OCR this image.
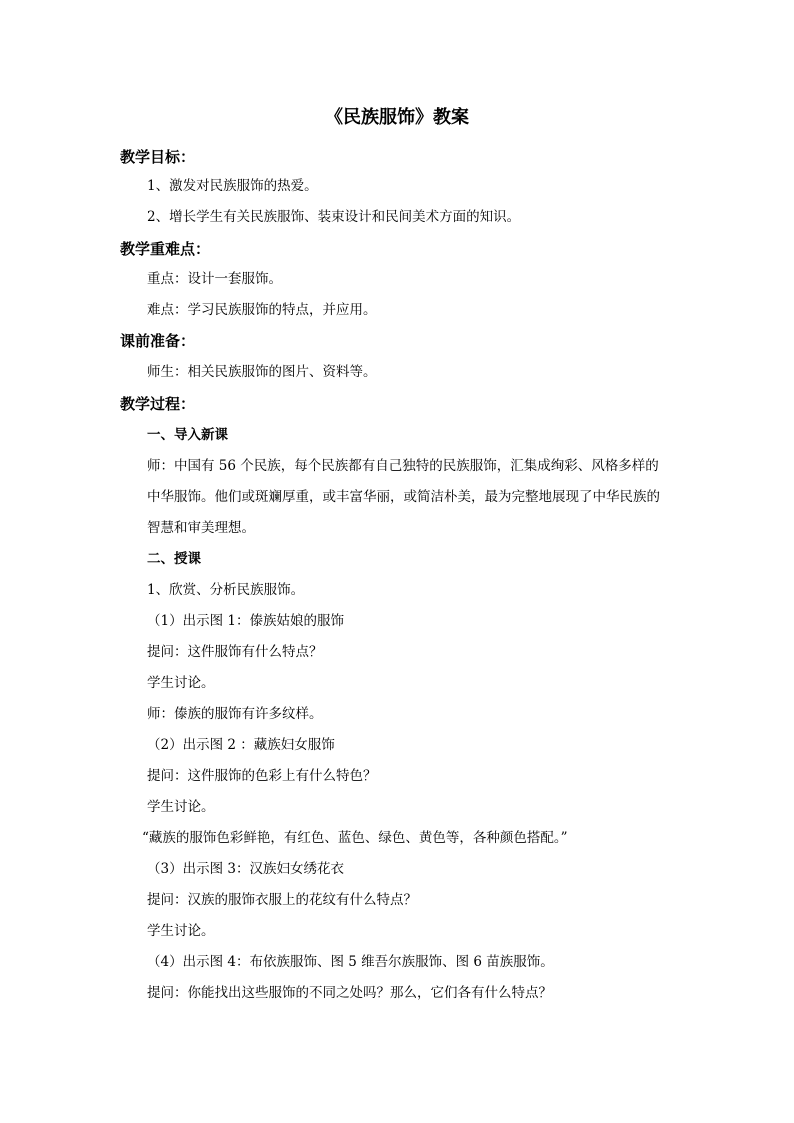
《民族服饰》教案
教学目标：
1、激发对民族服饰的热爱。
2、增长学生有关民族服饰、装束设计和民间美术方面的知识。
教学重难点：
重点：设计一套服饰。
难点：学习民族服饰的特点，并应用。
课前准备：
师生：相关民族服饰的图片、资料等。
教学过程：
一、导入新课
师：中国有 56 个民族，每个民族都有自己独特的民族服饰，汇集成绚彩、风格多样的
中华服饰。他们或斑斓厚重，或丰富华丽，或简洁朴美，最为完整地展现了中华民族的
智慧和审美理想。
二、授课
1、欣赏、分析民族服饰。
（1）出示图 1：傣族姑娘的服饰
提问：这件服饰有什么特点？
学生讨论。
师：傣族的服饰有许多纹样。
（2）出示图 2 ：藏族妇女服饰
提问：这件服饰的色彩上有什么特色？
学生讨论。
“藏族的服饰色彩鲜艳，有红色、蓝色、绿色、黄色等，各种颜色搭配。”
（3）出示图 3：汉族妇女绣花衣
提问：汉族的服饰衣服上的花纹有什么特点？
学生讨论。
（4）出示图 4：布依族服饰、图 5 维吾尔族服饰、图 6 苗族服饰。
提问：你能找出这些服饰的不同之处吗？那么，它们各有什么特点？
